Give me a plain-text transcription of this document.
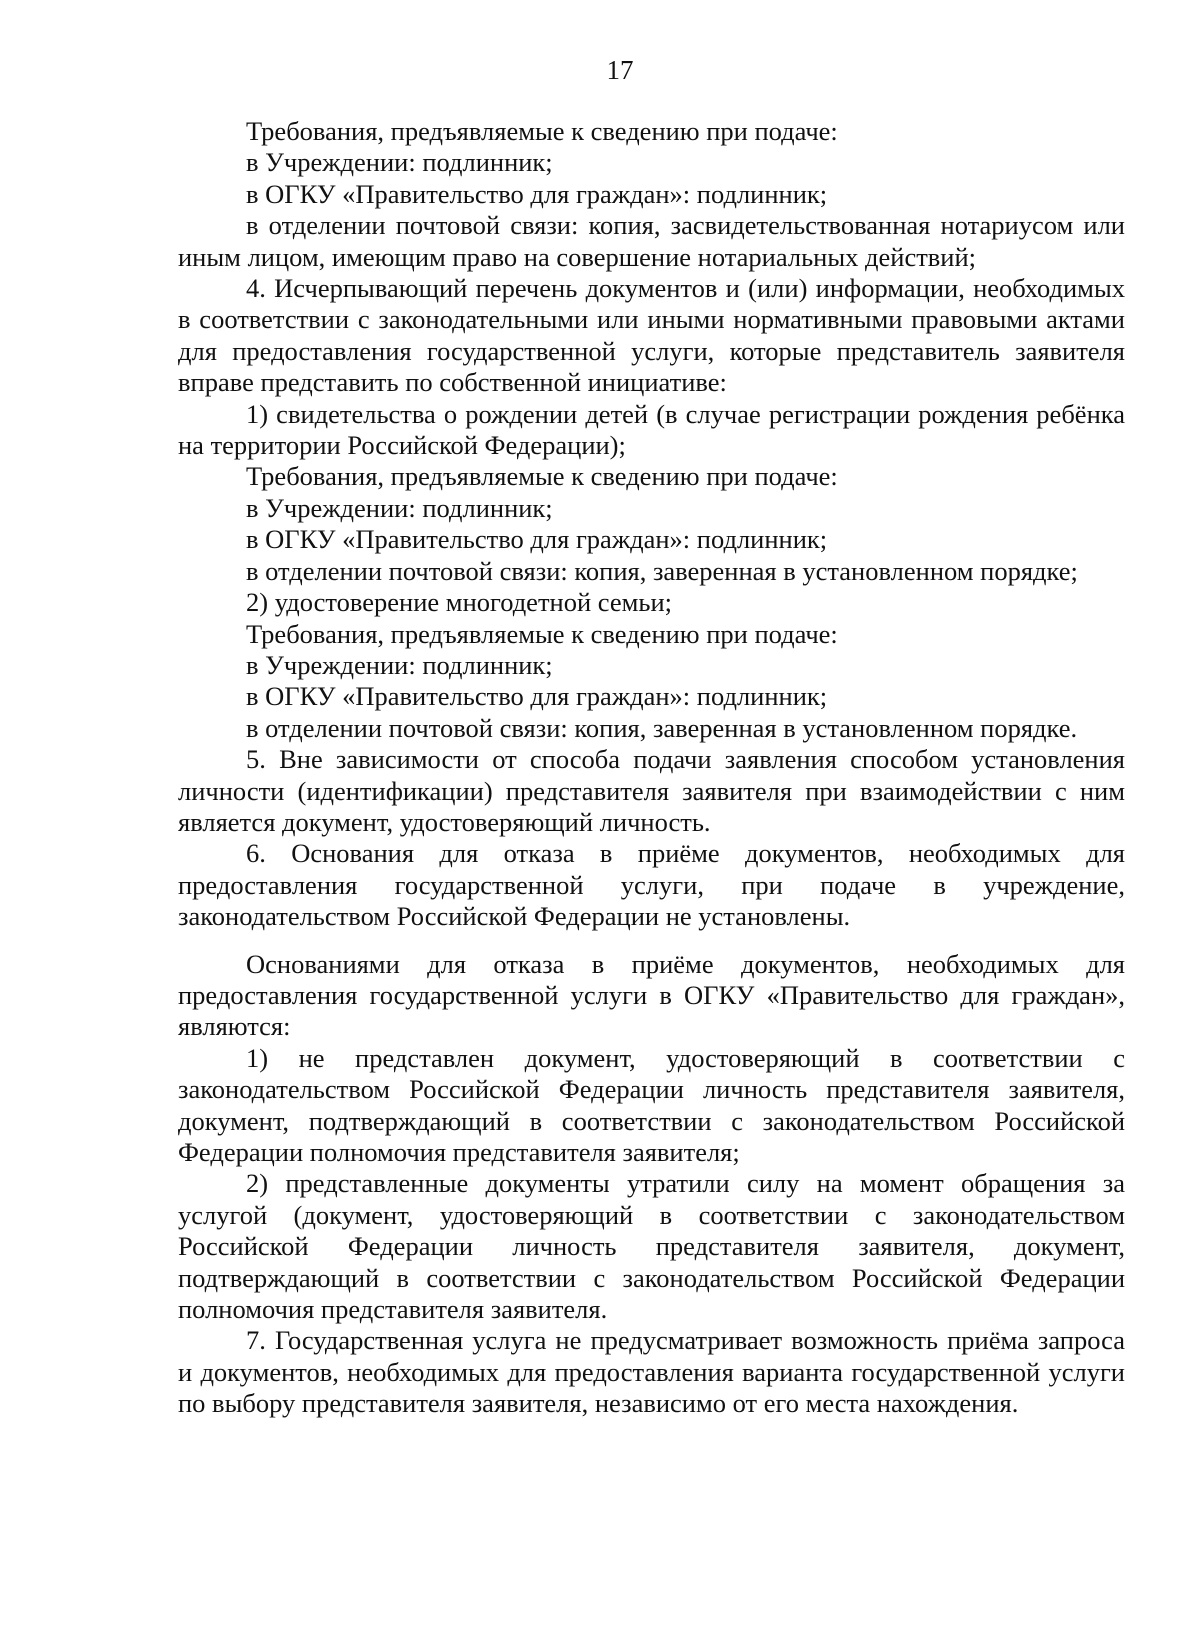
17

Требования, предъявляемые к сведению при подаче:

в Учреждении: подлинник;

в ОГКУ «Правительство для граждан»: подлинник;

в отделении почтовой связи: копия, засвидетельствованная нотариусом или иным лицом, имеющим право на совершение нотариальных действий;

4. Исчерпывающий перечень документов и (или) информации, необходимых в соответствии с законодательными или иными нормативными правовыми актами для предоставления государственной услуги, которые представитель заявителя вправе представить по собственной инициативе:

1) свидетельства о рождении детей (в случае регистрации рождения ребёнка на территории Российской Федерации);

Требования, предъявляемые к сведению при подаче:

в Учреждении: подлинник;

в ОГКУ «Правительство для граждан»: подлинник;

в отделении почтовой связи: копия, заверенная в установленном порядке;

2) удостоверение многодетной семьи;

Требования, предъявляемые к сведению при подаче:

в Учреждении: подлинник;

в ОГКУ «Правительство для граждан»: подлинник;

в отделении почтовой связи: копия, заверенная в установленном порядке.

5. Вне зависимости от способа подачи заявления способом установления личности (идентификации) представителя заявителя при взаимодействии с ним является документ, удостоверяющий личность.

6. Основания для отказа в приёме документов, необходимых для предоставления государственной услуги, при подаче в учреждение, законодательством Российской Федерации не установлены.

Основаниями для отказа в приёме документов, необходимых для предоставления государственной услуги в ОГКУ «Правительство для граждан», являются:

1) не представлен документ, удостоверяющий в соответствии с законодательством Российской Федерации личность представителя заявителя, документ, подтверждающий в соответствии с законодательством Российской Федерации полномочия представителя заявителя;

2) представленные документы утратили силу на момент обращения за услугой (документ, удостоверяющий в соответствии с законодательством Российской Федерации личность представителя заявителя, документ, подтверждающий в соответствии с законодательством Российской Федерации полномочия представителя заявителя.

7. Государственная услуга не предусматривает возможность приёма запроса и документов, необходимых для предоставления варианта государственной услуги по выбору представителя заявителя, независимо от его места нахождения.
